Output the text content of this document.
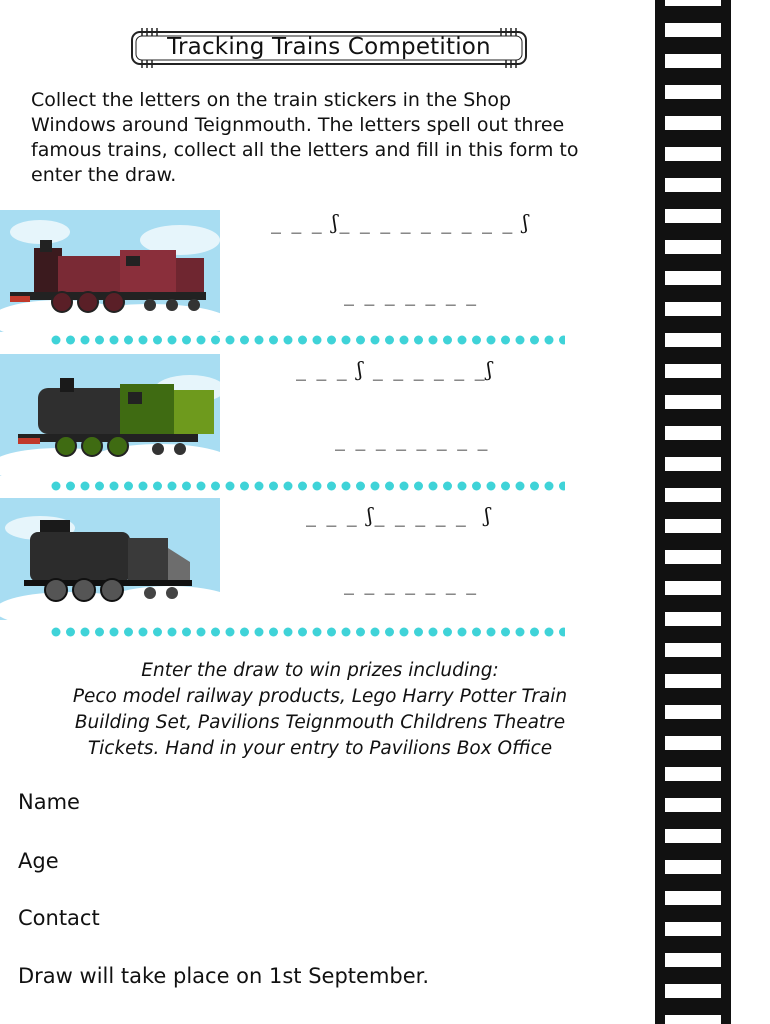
Tracking Trains Competition
Collect the letters on the train stickers in the Shop Windows around Teignmouth. The letters spell out three famous trains, collect all the letters and fill in this form to enter the draw.
_ _ _ ʃ_ _ _ _ _ _ _ _ _ ʃ
_ _ _ _ _ _ _
_ _ _ ʃ _ _ _ _ _ _ʃ
_ _ _ _ _ _ _ _
_ _ _ ʃ_ _ _ _ _  ʃ
_ _ _ _ _ _ _
Enter the draw to win prizes including:
Peco model railway products, Lego Harry Potter Train
Building Set, Pavilions Teignmouth Childrens Theatre
Tickets. Hand in your entry to Pavilions Box Office
Name
Age
Contact
Draw will take place on 1st September.
